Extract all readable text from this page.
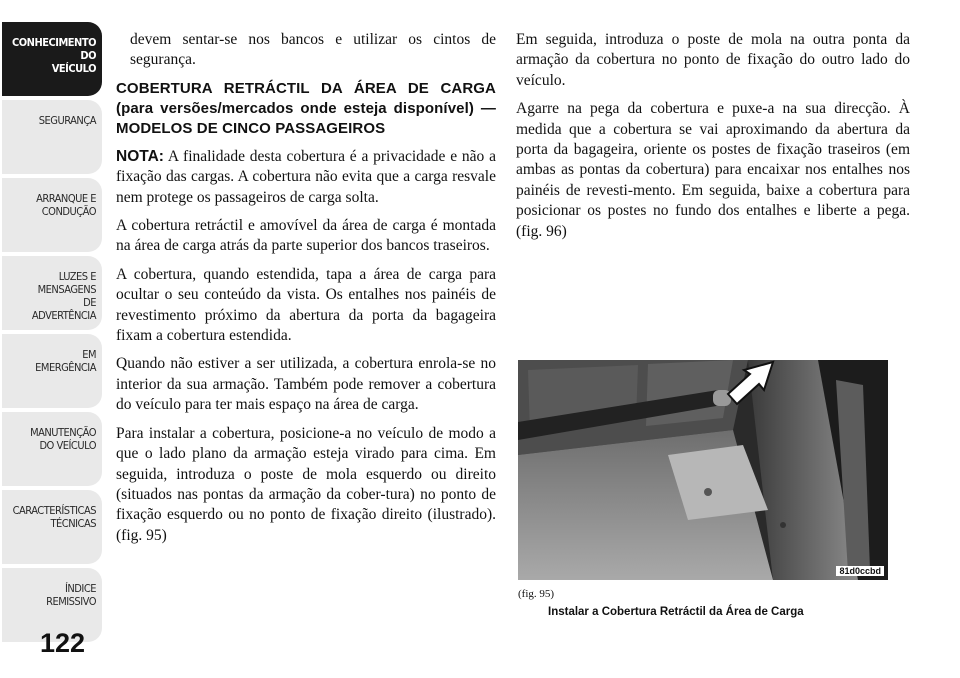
CONHECIMENTO
DO
VEÍCULO
SEGURANÇA
ARRANQUE E
CONDUÇÃO
LUZES E
MENSAGENS
DE
ADVERTÊNCIA
EM
EMERGÊNCIA
MANUTENÇÃO
DO VEÍCULO
CARACTERÍSTICAS
TÉCNICAS
ÍNDICE
REMISSIVO
122

devem sentar-se nos bancos e utilizar os cintos de segurança.

COBERTURA RETRÁCTIL DA ÁREA DE CARGA (para versões/mercados onde esteja disponível) — MODELOS DE CINCO PASSAGEIROS

NOTA: A finalidade desta cobertura é a privacidade e não a fixação das cargas. A cobertura não evita que a carga resvale nem protege os passageiros de carga solta.

A cobertura retráctil e amovível da área de carga é montada na área de carga atrás da parte superior dos bancos traseiros.

A cobertura, quando estendida, tapa a área de carga para ocultar o seu conteúdo da vista. Os entalhes nos painéis de revestimento próximo da abertura da porta da bagageira fixam a cobertura estendida.

Quando não estiver a ser utilizada, a cobertura enrola-se no interior da sua armação. Também pode remover a cobertura do veículo para ter mais espaço na área de carga.

Para instalar a cobertura, posicione-a no veículo de modo a que o lado plano da armação esteja virado para cima. Em seguida, introduza o poste de mola esquerdo ou direito (situados nas pontas da armação da cober-tura) no ponto de fixação esquerdo ou no ponto de fixação direito (ilustrado). (fig. 95)

Em seguida, introduza o poste de mola na outra ponta da armação da cobertura no ponto de fixação do outro lado do veículo.

Agarre na pega da cobertura e puxe-a na sua direcção. À medida que a cobertura se vai aproximando da abertura da porta da bagageira, oriente os postes de fixação traseiros (em ambas as pontas da cobertura) para encaixar nos entalhes nos painéis de revesti-mento. Em seguida, baixe a cobertura para posicionar os postes no fundo dos entalhes e liberte a pega. (fig. 96)

81d0ccbd
(fig. 95)
Instalar a Cobertura Retráctil da Área de Carga
